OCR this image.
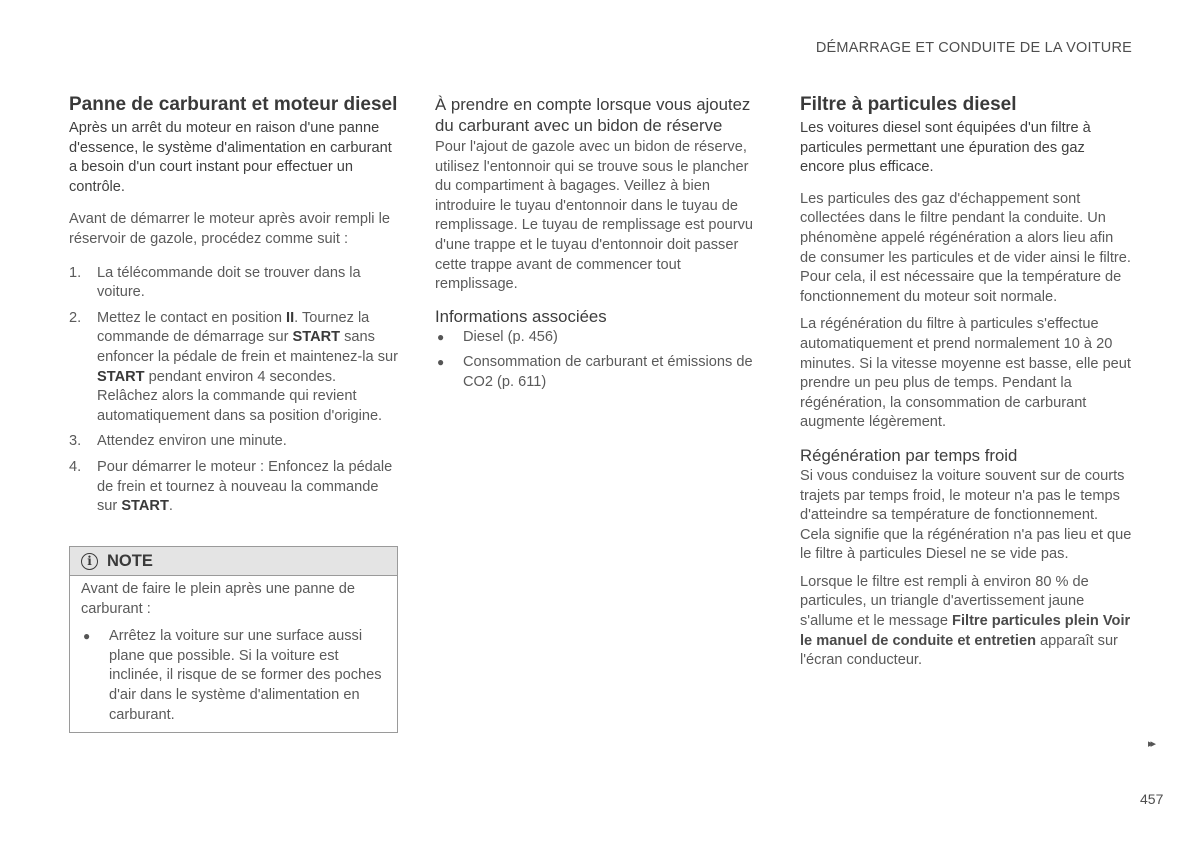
DÉMARRAGE ET CONDUITE DE LA VOITURE
Panne de carburant et moteur diesel

Après un arrêt du moteur en raison d'une panne d'essence, le système d'alimentation en carburant a besoin d'un court instant pour effectuer un contrôle.

Avant de démarrer le moteur après avoir rempli le réservoir de gazole, procédez comme suit :

1. La télécommande doit se trouver dans la voiture.
2. Mettez le contact en position II. Tournez la commande de démarrage sur START sans enfoncer la pédale de frein et maintenez-la sur START pendant environ 4 secondes. Relâchez alors la commande qui revient automatiquement dans sa position d'origine.
3. Attendez environ une minute.
4. Pour démarrer le moteur : Enfoncez la pédale de frein et tournez à nouveau la commande sur START.
i NOTE

Avant de faire le plein après une panne de carburant :

● Arrêtez la voiture sur une surface aussi plane que possible. Si la voiture est inclinée, il risque de se former des poches d'air dans le système d'alimentation en carburant.
À prendre en compte lorsque vous ajoutez du carburant avec un bidon de réserve

Pour l'ajout de gazole avec un bidon de réserve, utilisez l'entonnoir qui se trouve sous le plancher du compartiment à bagages. Veillez à bien introduire le tuyau d'entonnoir dans le tuyau de remplissage. Le tuyau de remplissage est pourvu d'une trappe et le tuyau d'entonnoir doit passer cette trappe avant de commencer tout remplissage.

Informations associées
● Diesel (p. 456)
● Consommation de carburant et émissions de CO2 (p. 611)
Filtre à particules diesel

Les voitures diesel sont équipées d'un filtre à particules permettant une épuration des gaz encore plus efficace.

Les particules des gaz d'échappement sont collectées dans le filtre pendant la conduite. Un phénomène appelé régénération a alors lieu afin de consumer les particules et de vider ainsi le filtre. Pour cela, il est nécessaire que la température de fonctionnement du moteur soit normale.

La régénération du filtre à particules s'effectue automatiquement et prend normalement 10 à 20 minutes. Si la vitesse moyenne est basse, elle peut prendre un peu plus de temps. Pendant la régénération, la consommation de carburant augmente légèrement.

Régénération par temps froid

Si vous conduisez la voiture souvent sur de courts trajets par temps froid, le moteur n'a pas le temps d'atteindre sa température de fonctionnement. Cela signifie que la régénération n'a pas lieu et que le filtre à particules Diesel ne se vide pas.

Lorsque le filtre est rempli à environ 80 % de particules, un triangle d'avertissement jaune s'allume et le message Filtre particules plein Voir le manuel de conduite et entretien apparaît sur l'écran conducteur.

▸▸
457
